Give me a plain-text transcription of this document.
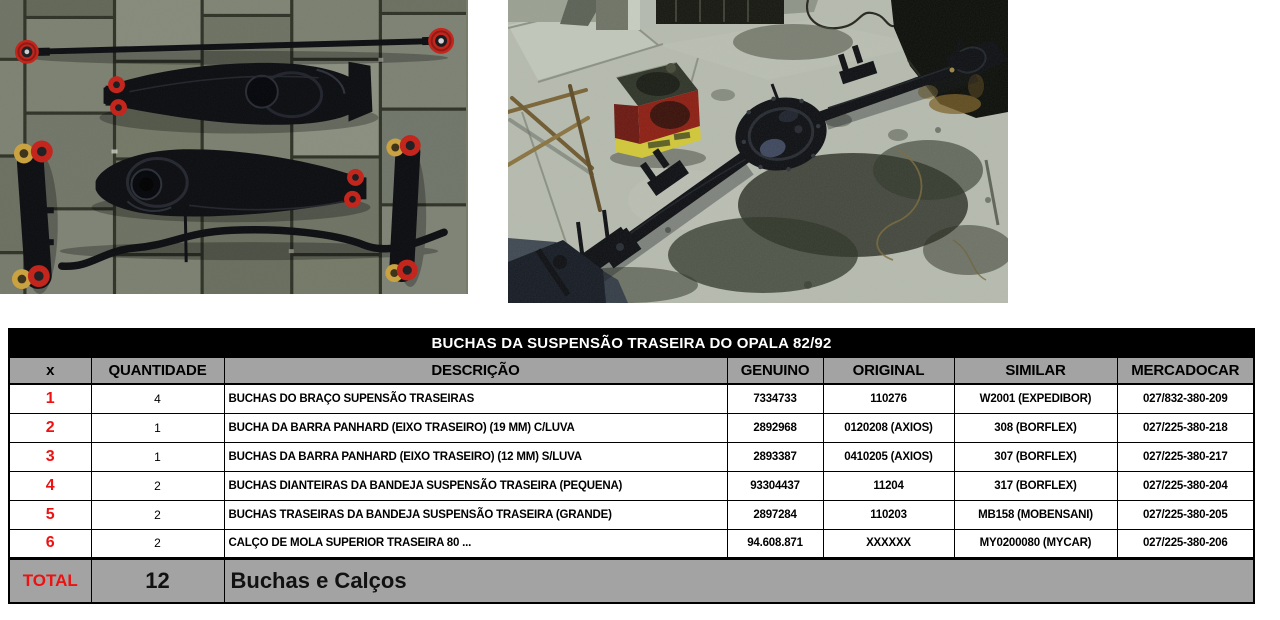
BUCHAS DA SUSPENSÃO TRASEIRA DO OPALA 82/92						
x	QUANTIDADE	DESCRIÇÃO	GENUINO	ORIGINAL	SIMILAR	MERCADOCAR
1	4	BUCHAS DO BRAÇO SUPENSÃO TRASEIRAS	7334733	110276	W2001 (EXPEDIBOR)	027/832-380-209
2	1	BUCHA DA BARRA PANHARD (EIXO TRASEIRO) (19 MM) C/LUVA	2892968	0120208 (AXIOS)	308 (BORFLEX)	027/225-380-218
3	1	BUCHAS DA BARRA PANHARD (EIXO TRASEIRO) (12 MM) S/LUVA	2893387	0410205 (AXIOS)	307 (BORFLEX)	027/225-380-217
4	2	BUCHAS DIANTEIRAS DA BANDEJA SUSPENSÃO TRASEIRA (PEQUENA)	93304437	11204	317 (BORFLEX)	027/225-380-204
5	2	BUCHAS TRASEIRAS DA BANDEJA SUSPENSÃO TRASEIRA (GRANDE)	2897284	110203	MB158 (MOBENSANI)	027/225-380-205
6	2	CALÇO DE MOLA SUPERIOR TRASEIRA 80 ...	94.608.871	XXXXXX	MY0200080 (MYCAR)	027/225-380-206
TOTAL	12	Buchas e Calços				
